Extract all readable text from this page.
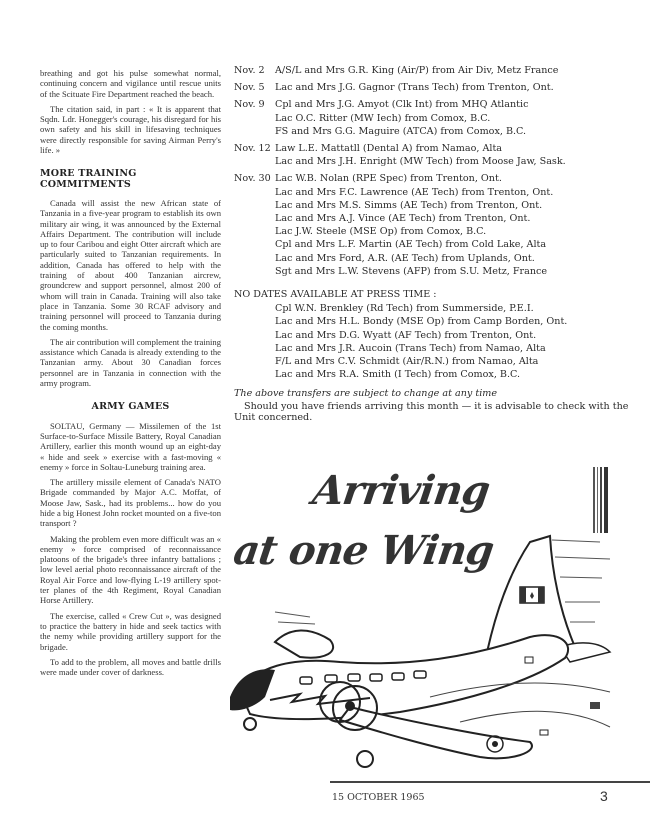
breathing and got his pulse somewhat normal, continuing concern and vigilance until rescue units of the Scituate Fire Department reached the beach.

The citation said, in part : « It is apparent that Sqdn. Ldr. Honegger's courage, his disregard for his own safety and his skill in lifesaving techniques were directly responsible for saving Airman Perry's life. »

MORE TRAINING COMMITMENTS

Canada will assist the new African state of Tanzania in a five-year program to establish its own military air wing, it was announced by the External Affairs Department. The contribution will include up to four Caribou and eight Otter aircraft which are particularly suited to Tanzanian requirements. In addition, Canada has offered to help with the training of about 400 Tanzanian aircrew, groundcrew and support personnel, almost 200 of whom will train in Canada. Training will also take place in Tanzania. Some 30 RCAF advisory and training personnel will proceed to Tanzania during the coming months.

The air contribution will complement the training assistance which Canada is already extending to the Tanzanian army. About 30 Canadian forces personnel are in Tanzania in connection with the army program.

ARMY GAMES

SOLTAU, Germany — Missilemen of the 1st Surface-to-Surface Missile Battery, Royal Canadian Artillery, earlier this month wound up an eight-day « hide and seek » exercise with a fast-moving « enemy » force in Soltau-Luneburg training area.

The artillery missile element of Canada's NATO Brigade commanded by Major A.C. Moffat, of Moose Jaw, Sask., had its problems... how do you hide a big Honest John rocket mounted on a five-ton transport ?

Making the problem even more difficult was an « enemy » force comprised of reconnaissance platoons of the brigade's three infantry battalions ; low level aerial photo reconnaissance aircraft of the Royal Air Force and low-flying L-19 artillery spotter planes of the 4th Regiment, Royal Canadian Horse Artillery.

The exercise, called « Crew Cut », was designed to practice the battery in hide and seek tactics with the nemy while providing artillery support for the brigade.

To add to the problem, all moves and battle drills were made under cover of darkness.

Nov. 2	A/S/L and Mrs G.R. King (Air/P) from Air Div, Metz France
Nov. 5	Lac and Mrs J.G. Gagnor (Trans Tech) from Trenton, Ont.
Nov. 9	Cpl and Mrs J.G. Amyot (Clk Int) from MHQ Atlantic
Lac O.C. Ritter (MW Iech) from Comox, B.C.
FS and Mrs G.G. Maguire (ATCA) from Comox, B.C.
Nov. 12 Law L.E. Mattatll (Dental A) from Namao, Alta
Lac and Mrs J.H. Enright (MW Tech) from Moose Jaw, Sask.
Nov. 30 Lac W.B. Nolan (RPE Spec) from Trenton, Ont.
Lac and Mrs F.C. Lawrence (AE Tech) from Trenton, Ont.
Lac and Mrs M.S. Simms (AE Tech) from Trenton, Ont.
Lac and Mrs A.J. Vince (AE Tech) from Trenton, Ont.
Lac J.W. Steele (MSE Op) from Comox, B.C.
Cpl and Mrs L.F. Martin (AE Tech) from Cold Lake, Alta
Lac and Mrs Ford, A.R. (AE Tech) from Uplands, Ont.
Sgt and Mrs L.W. Stevens (AFP) from S.U. Metz, France
NO DATES AVAILABLE AT PRESS TIME :
Cpl W.N. Brenkley (Rd Tech) from Summerside, P.E.I.
Lac and Mrs H.L. Bondy (MSE Op) from Camp Borden, Ont.
Lac and Mrs D.G. Wyatt (AF Tech) from Trenton, Ont.
Lac and Mrs J.R. Aucoin (Trans Tech) from Namao, Alta
F/L and Mrs C.V. Schmidt (Air/R.N.) from Namao, Alta
Lac and Mrs R.A. Smith (I Tech) from Comox, B.C.
The above transfers are subject to change at any time
Should you have friends arriving this month — it is advisable to check with the Unit concerned.
Arriving
at one Wing
15 OCTOBER 1965	3
